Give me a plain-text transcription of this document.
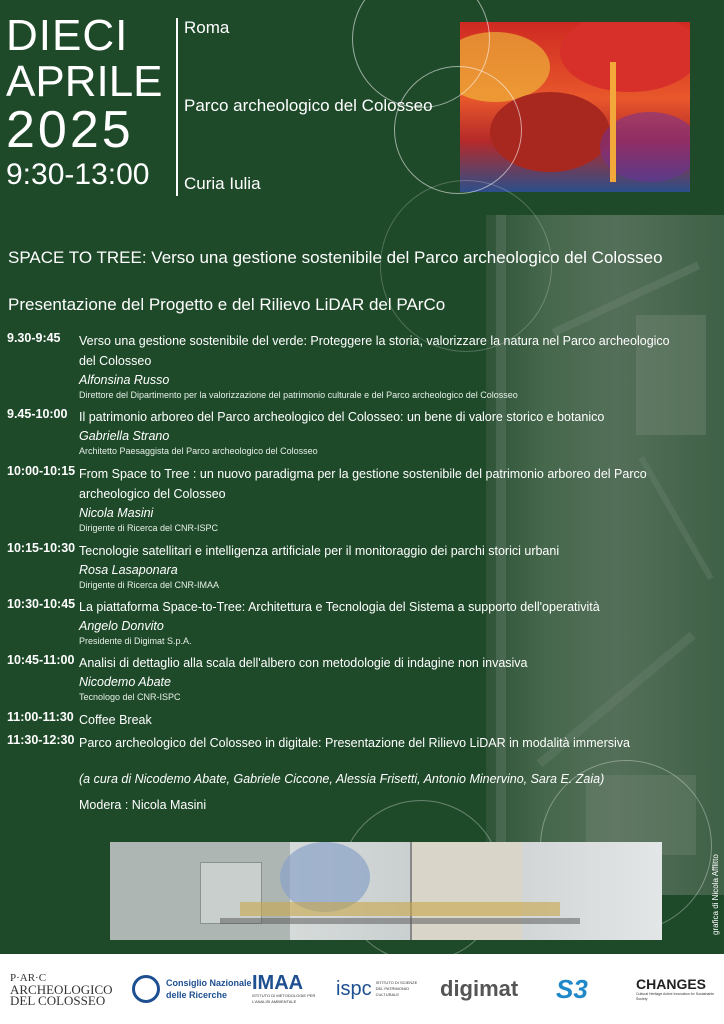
DIECI
APRILE
2025
9:30-13:00
Roma
Parco archeologico del Colosseo
Curia Iulia
SPACE TO TREE: Verso una gestione sostenibile del Parco archeologico del Colosseo
Presentazione del Progetto e del Rilievo LiDAR del PArCo
9.30-9:45 Verso una gestione sostenibile del verde: Proteggere la storia, valorizzare la natura nel Parco archeologico del Colosseo
Alfonsina Russo
Direttore del Dipartimento per la valorizzazione del patrimonio culturale e del Parco archeologico del Colosseo
9.45-10:00 Il patrimonio arboreo del Parco archeologico del Colosseo: un bene di valore storico e botanico
Gabriella Strano
Architetto Paesaggista del Parco archeologico del Colosseo
10:00-10:15 From Space to Tree : un nuovo paradigma per la gestione sostenibile del patrimonio arboreo del Parco archeologico del Colosseo
Nicola Masini
Dirigente di Ricerca del CNR-ISPC
10:15-10:30 Tecnologie satellitari e intelligenza artificiale per il monitoraggio dei parchi storici urbani
Rosa Lasaponara
Dirigente di Ricerca del CNR-IMAA
10:30-10:45 La piattaforma Space-to-Tree: Architettura e Tecnologia del Sistema a supporto dell'operatività
Angelo Donvito
Presidente di Digimat S.p.A.
10:45-11:00 Analisi di dettaglio alla scala dell'albero con metodologie di indagine non invasiva
Nicodemo Abate
Tecnologo del CNR-ISPC
11:00-11:30 Coffee Break
11:30-12:30 Parco archeologico del Colosseo in digitale: Presentazione del Rilievo LiDAR in modalità immersiva
(a cura di Nicodemo Abate, Gabriele Ciccone, Alessia Frisetti, Antonio Minervino, Sara E. Zaia)
Modera : Nicola Masini
grafica di Nicola Afflitto
P·AR·C
ARCHEOLOGICO
DEL COLOSSEO
Consiglio Nazionale
delle Ricerche
IMAA
ISTITUTO DI METODOLOGIE PER L'ANALISI AMBIENTALE
ispc ISTITUTO DI SCIENZE DEL PATRIMONIO CULTURALE	digimat S3	CHANGES
Cultural Heritage Active Innovation for Sustainable Society
